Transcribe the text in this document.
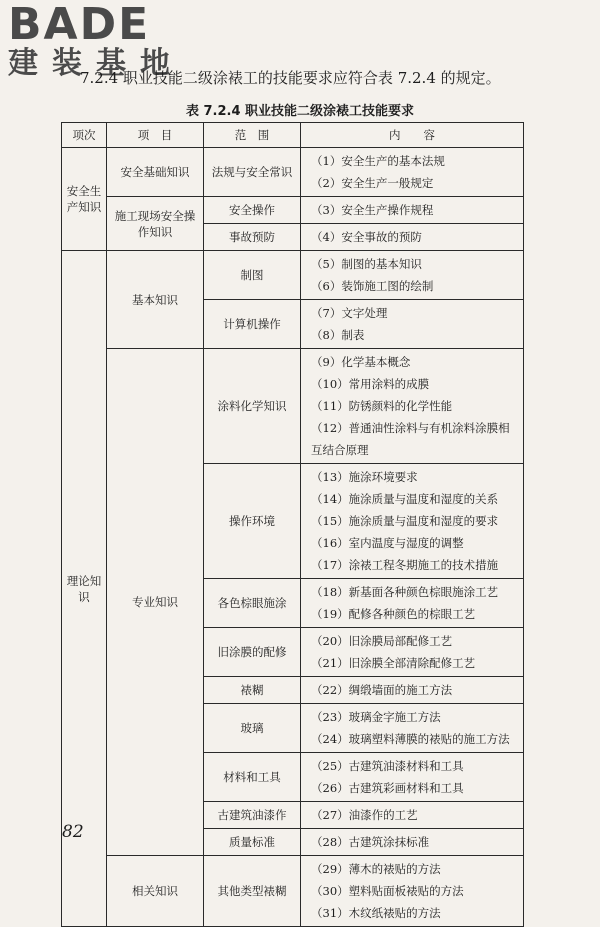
BADE
建装基地
7.2.4 职业技能二级涂裱工的技能要求应符合表 7.2.4 的规定。
表 7.2.4 职业技能二级涂裱工技能要求
项次	项　目	范　围	内　　容
安全生产知识	安全基础知识	法规与安全常识	（1）安全生产的基本法规
（2）安全生产一般规定

	施工现场安全操作知识	安全操作	（3）安全生产操作规程

		事故预防	（4）安全事故的预防

理论知识	基本知识	制图	（5）制图的基本知识
（6）装饰施工图的绘制

		计算机操作	（7）文字处理
（8）制表

	专业知识	涂料化学知识	（9）化学基本概念
（10）常用涂料的成膜
（11）防锈颜料的化学性能
（12）普通油性涂料与有机涂料涂膜相互结合原理

		操作环境	（13）施涂环境要求
（14）施涂质量与温度和湿度的关系
（15）施涂质量与温度和湿度的要求
（16）室内温度与湿度的调整
（17）涂裱工程冬期施工的技术措施

		各色棕眼施涂	（18）新基面各种颜色棕眼施涂工艺
（19）配修各种颜色的棕眼工艺

		旧涂膜的配修	（20）旧涂膜局部配修工艺
（21）旧涂膜全部清除配修工艺

		裱糊	（22）绸缎墙面的施工方法

		玻璃	（23）玻璃金字施工方法
（24）玻璃塑料薄膜的裱贴的施工方法

		材料和工具	（25）古建筑油漆材料和工具
（26）古建筑彩画材料和工具

		古建筑油漆作	（27）油漆作的工艺

		质量标准	（28）古建筑涂抹标准

	相关知识	其他类型裱糊	（29）薄木的裱贴的方法
（30）塑料贴面板裱贴的方法
（31）木纹纸裱贴的方法
82
